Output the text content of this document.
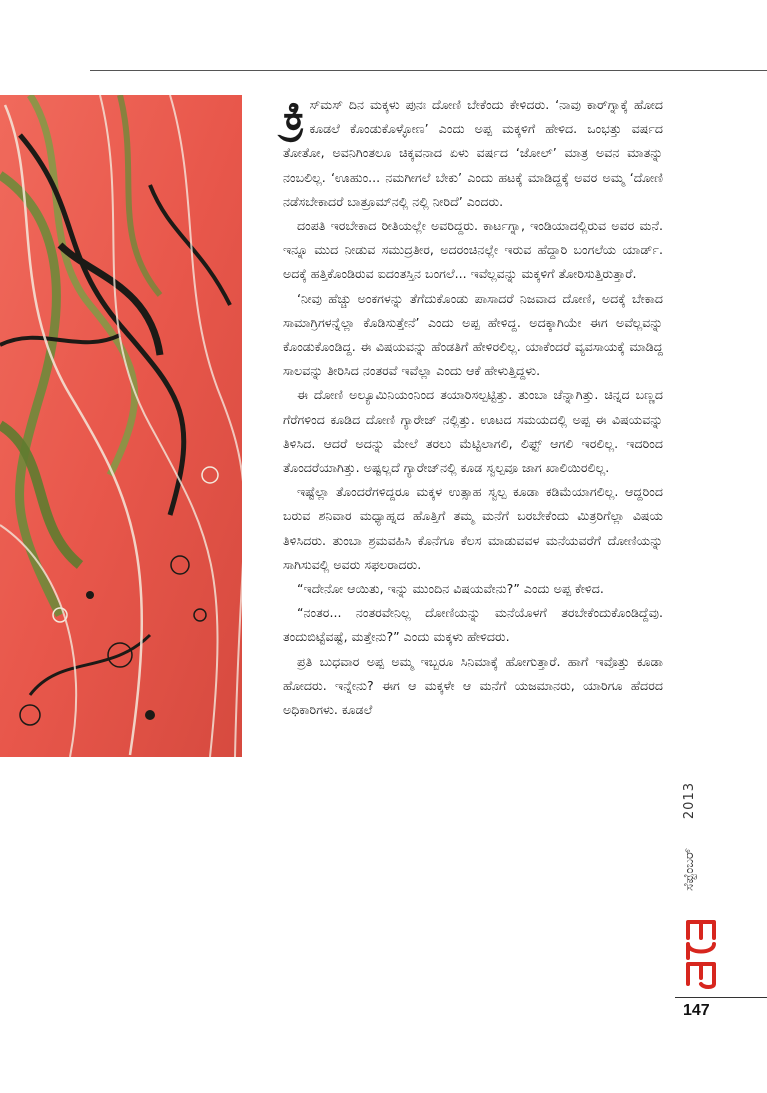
ಕ್ರಿ ಸ್‌ಮಸ್ ದಿನ ಮಕ್ಕಳು ಪುನಃ ದೋಣಿ ಬೇಕೆಂದು ಕೇಳಿದರು. ‘ನಾವು ಕಾರ್‌ಗ್ನಾಕ್ಕೆ ಹೋದ ಕೂಡಲೆ ಕೊಂಡುಕೊಳ್ಳೋಣ’ ಎಂದು ಅಪ್ಪ ಮಕ್ಕಳಿಗೆ ಹೇಳಿದ. ಒಂಭತ್ತು ವರ್ಷದ ತೋತೋ, ಅವನಿಗಿಂತಲೂ ಚಿಕ್ಕವನಾದ ಏಳು ವರ್ಷದ ‘ಜೋಲ್’ ಮಾತ್ರ ಅವನ ಮಾತನ್ನು ನಂಬಲಿಲ್ಲ. ‘ಊಹುಂ... ನಮಗೀಗಲೆ ಬೇಕು’ ಎಂದು ಹಟಕ್ಕೆ ಮಾಡಿದ್ದಕ್ಕೆ ಅವರ ಅಮ್ಮ ‘ದೋಣಿ ನಡೆಸಬೇಕಾದರೆ ಬಾತ್ರೂಮ್‌ನಲ್ಲಿ ನಲ್ಲಿ ನೀರಿದೆ’ ಎಂದರು.

ದಂಪತಿ ಇರಬೇಕಾದ ರೀತಿಯಲ್ಲೇ ಅವರಿದ್ದರು. ಕಾರ್ಟಗ್ನಾ, ಇಂಡಿಯಾದಲ್ಲಿರುವ ಅವರ ಮನೆ. ಇನ್ನೂ ಮುದ ನೀಡುವ ಸಮುದ್ರತೀರ, ಅದರಂಚಿನಲ್ಲೇ ಇರುವ ಹೆದ್ದಾರಿ ಬಂಗಲೆಯ ಯಾರ್ಡ್. ಅದಕ್ಕೆ ಹತ್ತಿಕೊಂಡಿರುವ ಐದಂತಸ್ತಿನ ಬಂಗಲೆ... ಇವೆಲ್ಲವನ್ನು ಮಕ್ಕಳಿಗೆ ತೋರಿಸುತ್ತಿರುತ್ತಾರೆ.

‘ನೀವು ಹೆಚ್ಚು ಅಂಕಗಳನ್ನು ತೆಗೆದುಕೊಂಡು ಪಾಸಾದರೆ ನಿಜವಾದ ದೋಣಿ, ಅದಕ್ಕೆ ಬೇಕಾದ ಸಾಮಾಗ್ರಿಗಳನ್ನೆಲ್ಲಾ ಕೊಡಿಸುತ್ತೇನೆ’ ಎಂದು ಅಪ್ಪ ಹೇಳಿದ್ದ. ಅದಕ್ಕಾಗಿಯೇ ಈಗ ಅವೆಲ್ಲವನ್ನು ಕೊಂಡುಕೊಂಡಿದ್ದ. ಈ ವಿಷಯವನ್ನು ಹೆಂಡತಿಗೆ ಹೇಳಿರಲಿಲ್ಲ. ಯಾಕೆಂದರೆ ವ್ಯವಸಾಯಕ್ಕೆ ಮಾಡಿದ್ದ ಸಾಲವನ್ನು ತೀರಿಸಿದ ನಂತರವೆ ಇವೆಲ್ಲಾ ಎಂದು ಆಕೆ ಹೇಳುತ್ತಿದ್ದಳು.

ಈ ದೋಣಿ ಅಲ್ಯೂಮಿನಿಯಂನಿಂದ ತಯಾರಿಸಲ್ಪಟ್ಟಿತ್ತು. ತುಂಬಾ ಚೆನ್ನಾಗಿತ್ತು. ಚಿನ್ನದ ಬಣ್ಣದ ಗೆರೆಗಳಿಂದ ಕೂಡಿದ ದೋಣಿ ಗ್ಯಾರೇಜ್ ನಲ್ಲಿತ್ತು. ಊಟದ ಸಮಯದಲ್ಲಿ ಅಪ್ಪ ಈ ವಿಷಯವನ್ನು ತಿಳಿಸಿದ. ಆದರೆ ಅದನ್ನು ಮೇಲೆ ತರಲು ಮೆಟ್ಟಿಲಾಗಲಿ, ಲಿಫ್ಟ್ ಆಗಲಿ ಇರಲಿಲ್ಲ. ಇದರಿಂದ ತೊಂದರೆಯಾಗಿತ್ತು. ಅಷ್ಟಲ್ಲದೆ ಗ್ಯಾರೇಜ್‌ನಲ್ಲಿ ಕೂಡ ಸ್ವಲ್ಪವೂ ಜಾಗ ಖಾಲಿಯಿರಲಿಲ್ಲ.

ಇಷ್ಟೆಲ್ಲಾ ತೊಂದರೆಗಳಿದ್ದರೂ ಮಕ್ಕಳ ಉತ್ಸಾಹ ಸ್ವಲ್ಪ ಕೂಡಾ ಕಡಿಮೆಯಾಗಲಿಲ್ಲ. ಆದ್ದರಿಂದ ಬರುವ ಶನಿವಾರ ಮಧ್ಯಾಹ್ನದ ಹೊತ್ತಿಗೆ ತಮ್ಮ ಮನೆಗೆ ಬರಬೇಕೆಂದು ಮಿತ್ರರಿಗೆಲ್ಲಾ ವಿಷಯ ತಿಳಿಸಿದರು. ತುಂಬಾ ಶ್ರಮವಹಿಸಿ ಕೊನೆಗೂ ಕೆಲಸ ಮಾಡುವವಳ ಮನೆಯವರೆಗೆ ದೋಣಿಯನ್ನು ಸಾಗಿಸುವಲ್ಲಿ ಅವರು ಸಫಲರಾದರು.

“ಇದೇನೋ ಆಯಿತು, ಇನ್ನು ಮುಂದಿನ ವಿಷಯವೇನು?” ಎಂದು ಅಪ್ಪ ಕೇಳಿದ.

“ನಂತರ... ನಂತರವೇನಿಲ್ಲ ದೋಣಿಯನ್ನು ಮನೆಯೊಳಗೆ ತರಬೇಕೆಂದುಕೊಂಡಿದ್ದೆವು. ತಂದುಬಿಟ್ಟೆವಷ್ಟೆ, ಮತ್ತೇನು?” ಎಂದು ಮಕ್ಕಳು ಹೇಳಿದರು.

ಪ್ರತಿ ಬುಧವಾರ ಅಪ್ಪ ಅಮ್ಮ ಇಬ್ಬರೂ ಸಿನಿಮಾಕ್ಕೆ ಹೋಗುತ್ತಾರೆ. ಹಾಗೆ ಇವೊತ್ತು ಕೂಡಾ ಹೋದರು. ಇನ್ನೇನು? ಈಗ ಆ ಮಕ್ಕಳೇ ಆ ಮನೆಗೆ ಯಜಮಾನರು, ಯಾರಿಗೂ ಹೆದರದ ಅಧಿಕಾರಿಗಳು. ಕೂಡಲೆ

2013
ಸೆಪ್ಟೆಂಬರ್
147
